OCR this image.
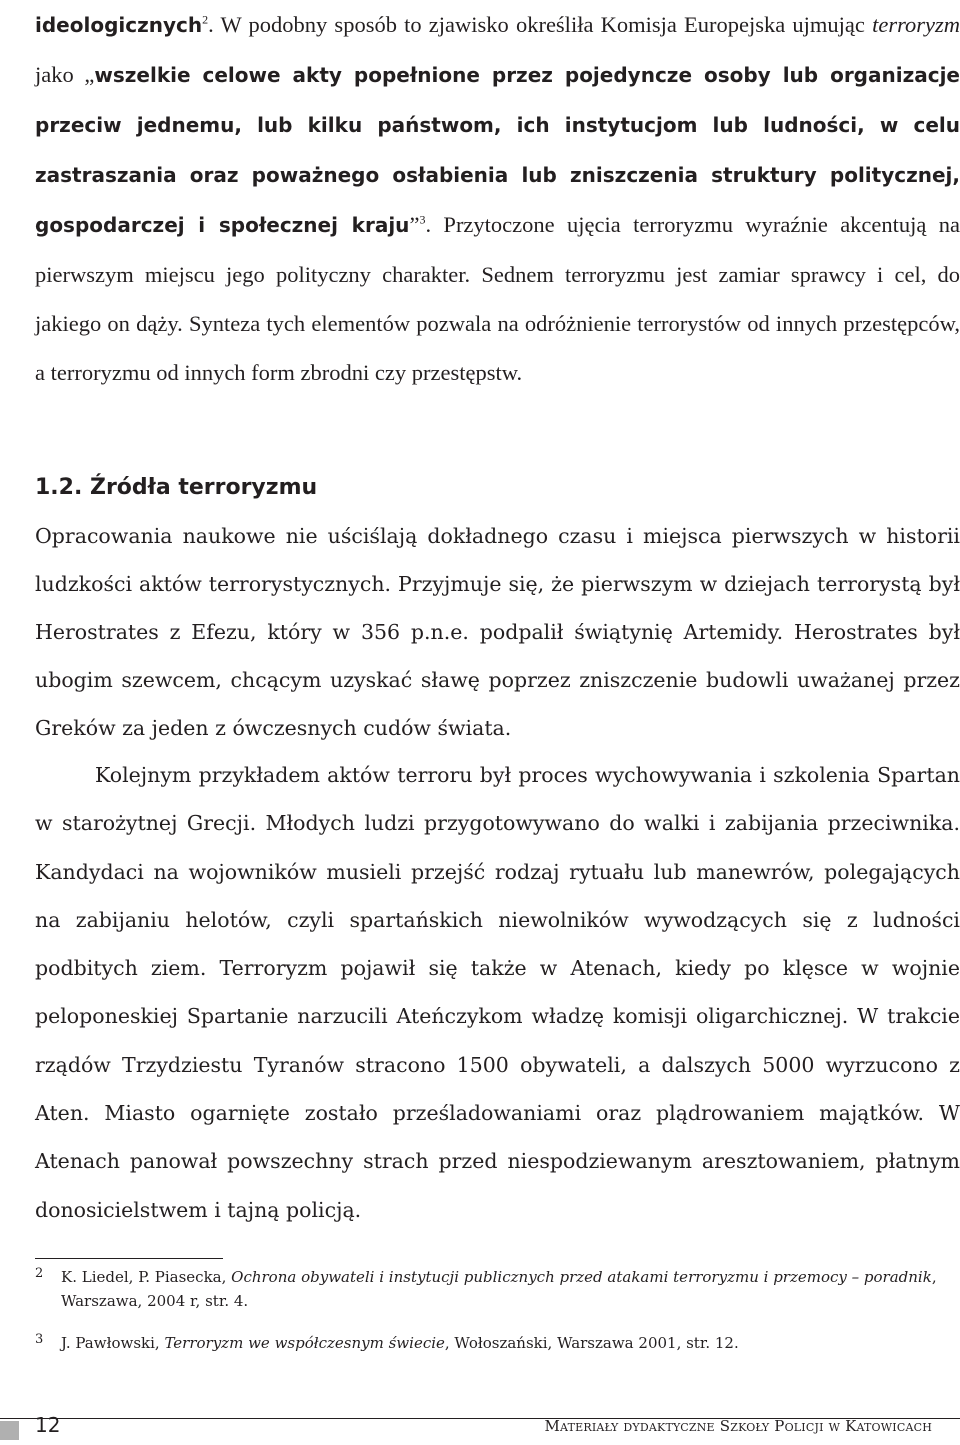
ideologicznych$^2$. W podobny sposób to zjawisko określiła Komisja Europejska ujmując terroryzm jako „wszelkie celowe akty popełnione przez pojedyncze osoby lub organizacje przeciw jednemu, lub kilku państwom, ich instytucjom lub ludności, w celu zastraszania oraz poważnego osłabienia lub zniszczenia struktury politycznej, gospodarczej i społecznej kraju”$^3$. Przytoczone ujęcia terroryzmu wyraźnie akcentują na pierwszym miejscu jego polityczny charakter. Sednem terroryzmu jest zamiar sprawcy i cel, do jakiego on dąży. Synteza tych elementów pozwala na odróżnienie terrorystów od innych przestępców, a terroryzmu od innych form zbrodni czy przestępstw.

1.2. Źródła terroryzmu

Opracowania naukowe nie uściślają dokładnego czasu i miejsca pierwszych w historii ludzkości aktów terrorystycznych. Przyjmuje się, że pierwszym w dziejach terrorystą był Herostrates z Efezu, który w 356 p.n.e. podpalił świątynię Artemidy. Herostrates był ubogim szewcem, chcącym uzyskać sławę poprzez zniszczenie budowli uważanej przez Greków za jeden z ówczesnych cudów świata.

Kolejnym przykładem aktów terroru był proces wychowywania i szkolenia Spartan w starożytnej Grecji. Młodych ludzi przygotowywano do walki i zabijania przeciwnika. Kandydaci na wojowników musieli przejść rodzaj rytuału lub manewrów, polegających na zabijaniu helotów, czyli spartańskich niewolników wywodzących się z ludności podbitych ziem. Terroryzm pojawił się także w Atenach, kiedy po klęsce w wojnie peloponeskiej Spartanie narzucili Ateńczykom władzę komisji oligarchicznej. W trakcie rządów Trzydziestu Tyranów stracono 1500 obywateli, a dalszych 5000 wyrzucono z Aten. Miasto ogarnięte zostało prześladowaniami oraz plądrowaniem majątków. W Atenach panował powszechny strach przed niespodziewanym aresztowaniem, płatnym donosicielstwem i tajną policją.

2 K. Liedel, P. Piasecka, Ochrona obywateli i instytucji publicznych przed atakami terroryzmu i przemocy – poradnik, Warszawa, 2004 r, str. 4.

3 J. Pawłowski, Terroryzm we współczesnym świecie, Wołoszański, Warszawa 2001, str. 12.

12	Materiały dydaktyczne Szkoły Policji w Katowicach
